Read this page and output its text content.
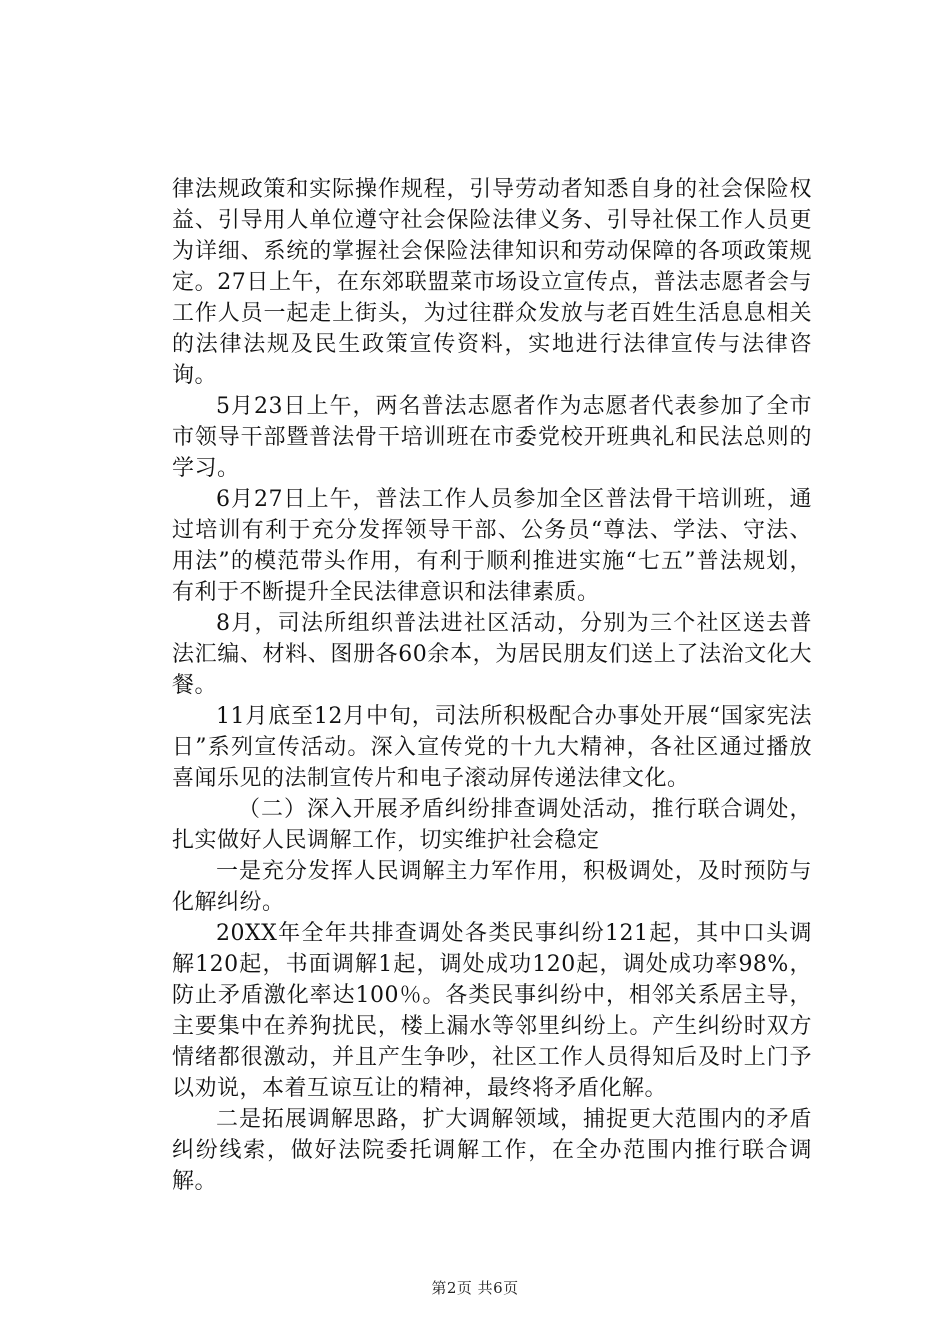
律法规政策和实际操作规程，引导劳动者知悉自身的社会保险权益、引导用人单位遵守社会保险法律义务、引导社保工作人员更为详细、系统的掌握社会保险法律知识和劳动保障的各项政策规定。27日上午，在东郊联盟菜市场设立宣传点，普法志愿者会与工作人员一起走上街头，为过往群众发放与老百姓生活息息相关的法律法规及民生政策宣传资料，实地进行法律宣传与法律咨询。

5月23日上午，两名普法志愿者作为志愿者代表参加了全市市领导干部暨普法骨干培训班在市委党校开班典礼和民法总则的学习。

6月27日上午，普法工作人员参加全区普法骨干培训班，通过培训有利于充分发挥领导干部、公务员“尊法、学法、守法、用法”的模范带头作用，有利于顺利推进实施“七五”普法规划，有利于不断提升全民法律意识和法律素质。

8月，司法所组织普法进社区活动，分别为三个社区送去普法汇编、材料、图册各60余本，为居民朋友们送上了法治文化大餐。

11月底至12月中旬，司法所积极配合办事处开展“国家宪法日”系列宣传活动。深入宣传党的十九大精神，各社区通过播放喜闻乐见的法制宣传片和电子滚动屏传递法律文化。

（二）深入开展矛盾纠纷排查调处活动，推行联合调处，扎实做好人民调解工作，切实维护社会稳定

一是充分发挥人民调解主力军作用，积极调处，及时预防与化解纠纷。

20XX年全年共排查调处各类民事纠纷121起，其中口头调解120起，书面调解1起，调处成功120起，调处成功率98%，防止矛盾激化率达100％。各类民事纠纷中，相邻关系居主导，主要集中在养狗扰民，楼上漏水等邻里纠纷上。产生纠纷时双方情绪都很激动，并且产生争吵，社区工作人员得知后及时上门予以劝说，本着互谅互让的精神，最终将矛盾化解。

二是拓展调解思路，扩大调解领域，捕捉更大范围内的矛盾纠纷线索，做好法院委托调解工作，在全办范围内推行联合调解。

第2页 共6页
